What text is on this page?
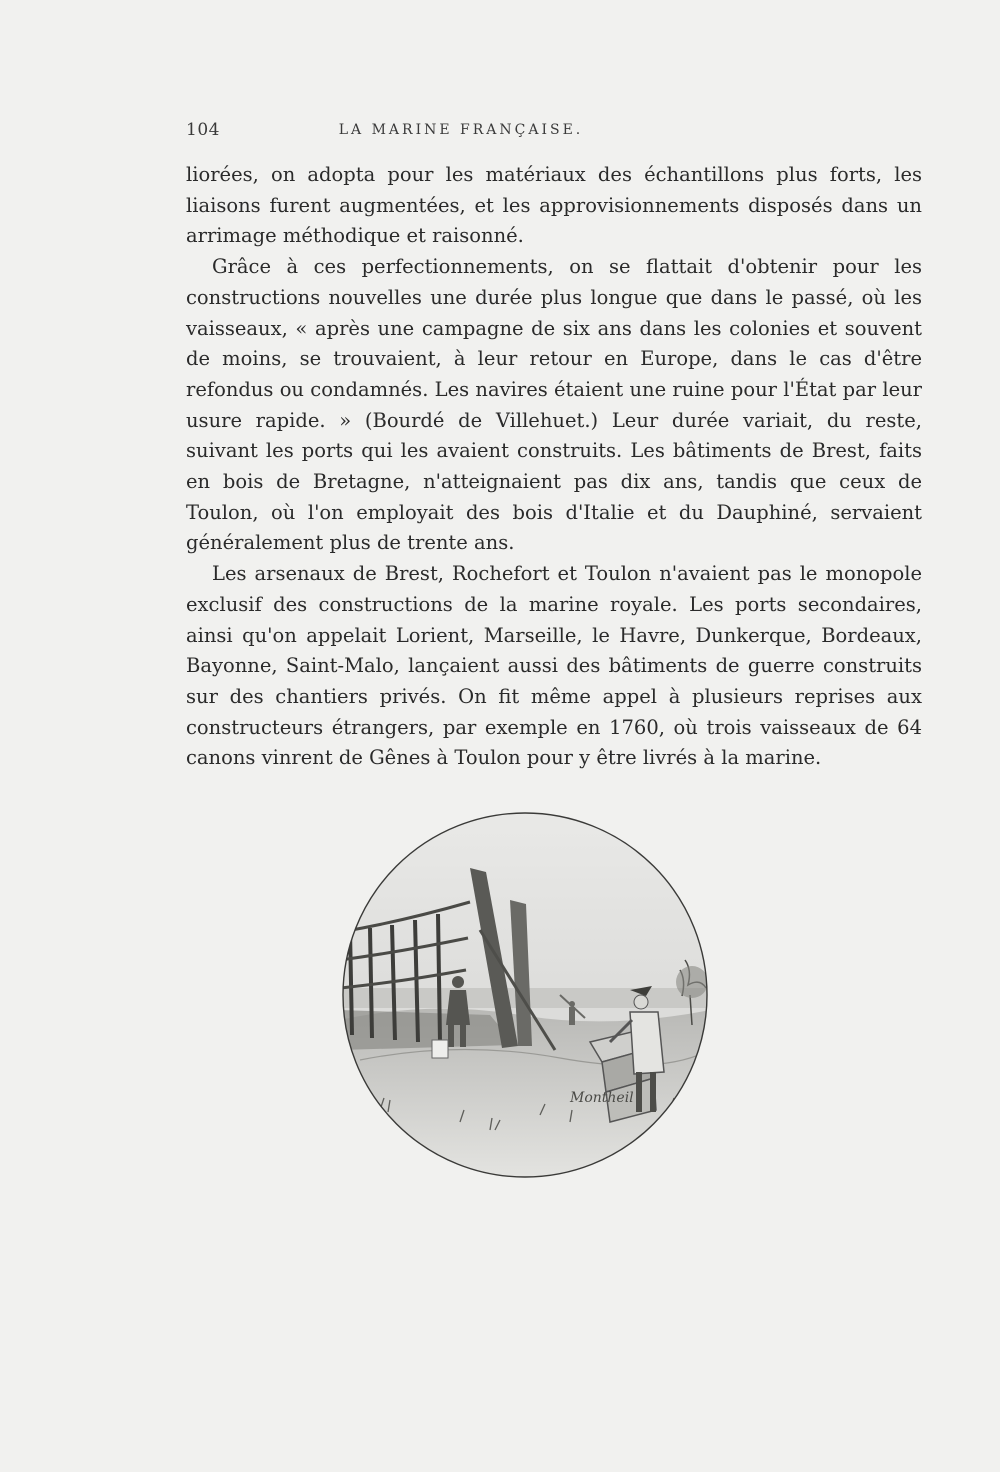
104	LA MARINE FRANÇAISE.

liorées, on adopta pour les matériaux des échantillons plus forts, les liaisons furent augmentées, et les approvisionnements disposés dans un arrimage méthodique et raisonné.

Grâce à ces perfectionnements, on se flattait d'obtenir pour les constructions nouvelles une durée plus longue que dans le passé, où les vaisseaux, « après une campagne de six ans dans les colonies et souvent de moins, se trouvaient, à leur retour en Europe, dans le cas d'être refondus ou condamnés. Les navires étaient une ruine pour l'État par leur usure rapide. » (Bourdé de Villehuet.) Leur durée variait, du reste, suivant les ports qui les avaient construits. Les bâtiments de Brest, faits en bois de Bretagne, n'atteignaient pas dix ans, tandis que ceux de Toulon, où l'on employait des bois d'Italie et du Dauphiné, servaient généralement plus de trente ans.

Les arsenaux de Brest, Rochefort et Toulon n'avaient pas le monopole exclusif des constructions de la marine royale. Les ports secondaires, ainsi qu'on appelait Lorient, Marseille, le Havre, Dunkerque, Bordeaux, Bayonne, Saint-Malo, lançaient aussi des bâtiments de guerre construits sur des chantiers privés. On fit même appel à plusieurs reprises aux constructeurs étrangers, par exemple en 1760, où trois vaisseaux de 64 canons vinrent de Gênes à Toulon pour y être livrés à la marine.

Montheil
